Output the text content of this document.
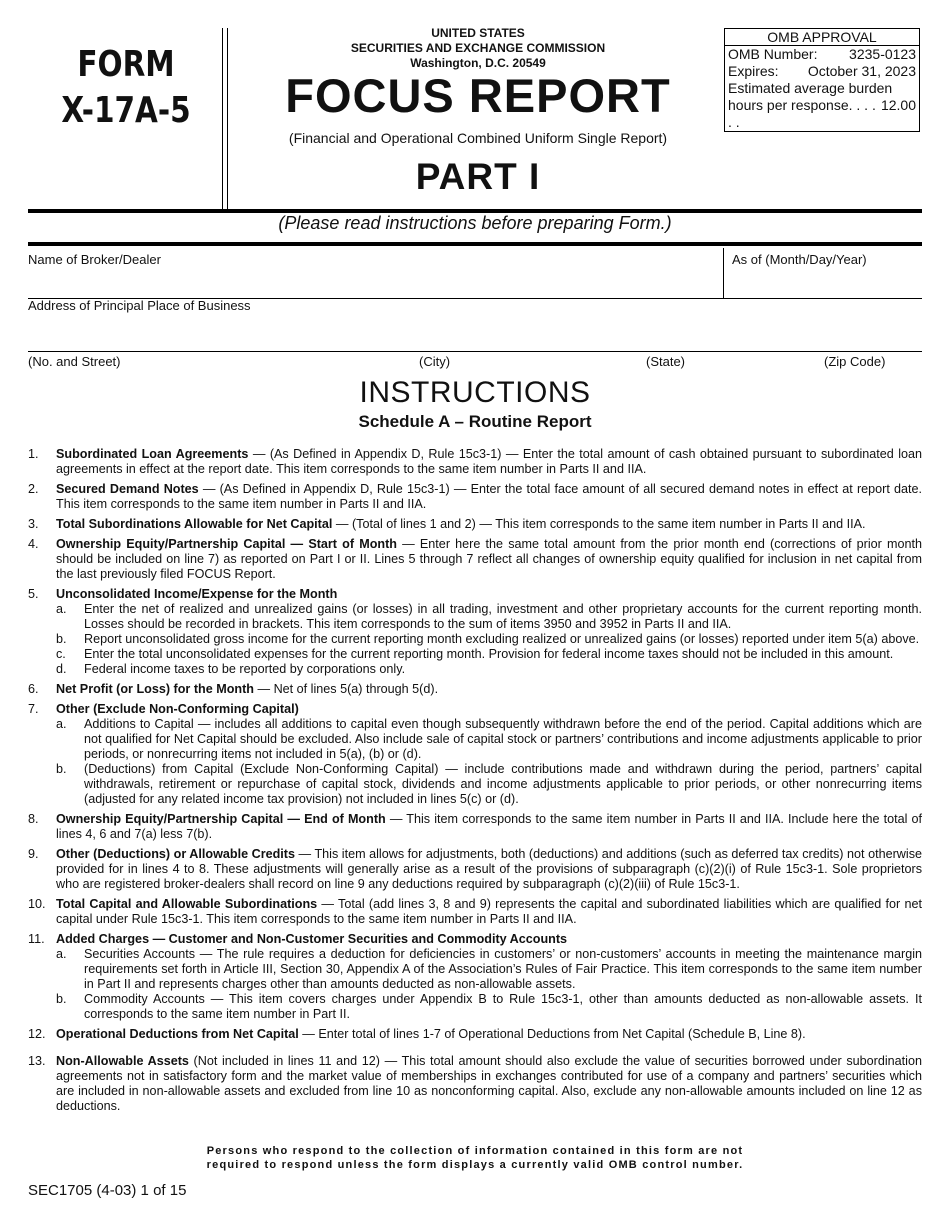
FORM
X-17A-5
UNITED STATES
SECURITIES AND EXCHANGE COMMISSION
Washington, D.C. 20549
FOCUS REPORT
(Financial and Operational Combined Uniform Single Report)
PART I
OMB APPROVAL
OMB Number: 3235-0123
Expires: October 31, 2023
Estimated average burden
hours per response. . . . . .
12.00
(Please read instructions before preparing Form.)
Name of Broker/Dealer	As of (Month/Day/Year)
Address of Principal Place of Business
(No. and Street)	(City)	(State)	(Zip Code)
INSTRUCTIONS
Schedule A – Routine Report
1.	Subordinated Loan Agreements — (As Defined in Appendix D, Rule 15c3-1) — Enter the total amount of cash obtained pursuant to subordinated loan agreements in effect at the report date. This item corresponds to the same item number in Parts II and IIA.
2.	Secured Demand Notes — (As Defined in Appendix D, Rule 15c3-1) — Enter the total face amount of all secured demand notes in effect at report date. This item corresponds to the same item number in Parts II and IIA.
3.	Total Subordinations Allowable for Net Capital — (Total of lines 1 and 2) — This item corresponds to the same item number in Parts II and IIA.
4.	Ownership Equity/Partnership Capital — Start of Month — Enter here the same total amount from the prior month end (corrections of prior month should be included on line 7) as reported on Part I or II. Lines 5 through 7 reflect all changes of ownership equity qualified for inclusion in net capital from the last previously filed FOCUS Report.
5.	Unconsolidated Income/Expense for the Month
a.	Enter the net of realized and unrealized gains (or losses) in all trading, investment and other proprietary accounts for the current reporting month. Losses should be recorded in brackets. This item corresponds to the sum of items 3950 and 3952 in Parts II and IIA.
b.	Report unconsolidated gross income for the current reporting month excluding realized or unrealized gains (or losses) reported under item 5(a) above.
c.	Enter the total unconsolidated expenses for the current reporting month. Provision for federal income taxes should not be included in this amount.
d.	Federal income taxes to be reported by corporations only.
6.	Net Profit (or Loss) for the Month — Net of lines 5(a) through 5(d).
7.	Other (Exclude Non-Conforming Capital)
a.	Additions to Capital — includes all additions to capital even though subsequently withdrawn before the end of the period. Capital additions which are not qualified for Net Capital should be excluded. Also include sale of capital stock or partners’ contributions and income adjustments applicable to prior periods, or nonrecurring items not included in 5(a), (b) or (d).
b.	(Deductions) from Capital (Exclude Non-Conforming Capital) — include contributions made and withdrawn during the period, partners’ capital withdrawals, retirement or repurchase of capital stock, dividends and income adjustments applicable to prior periods, or other nonrecurring items (adjusted for any related income tax provision) not included in lines 5(c) or (d).
8.	Ownership Equity/Partnership Capital — End of Month — This item corresponds to the same item number in Parts II and IIA. Include here the total of lines 4, 6 and 7(a) less 7(b).
9.	Other (Deductions) or Allowable Credits — This item allows for adjustments, both (deductions) and additions (such as deferred tax credits) not otherwise provided for in lines 4 to 8. These adjustments will generally arise as a result of the provisions of subparagraph (c)(2)(i) of Rule 15c3-1. Sole proprietors who are registered broker-dealers shall record on line 9 any deductions required by subparagraph (c)(2)(iii) of Rule 15c3-1.
10. Total Capital and Allowable Subordinations — Total (add lines 3, 8 and 9) represents the capital and subordinated liabilities which are qualified for net capital under Rule 15c3-1. This item corresponds to the same item number in Parts II and IIA.
11. Added Charges — Customer and Non-Customer Securities and Commodity Accounts
a.	Securities Accounts — The rule requires a deduction for deficiencies in customers’ or non-customers’ accounts in meeting the maintenance margin requirements set forth in Article III, Section 30, Appendix A of the Association’s Rules of Fair Practice. This item corresponds to the same item number in Part II and represents charges other than amounts deducted as non-allowable assets.
b.	Commodity Accounts — This item covers charges under Appendix B to Rule 15c3-1, other than amounts deducted as non-allowable assets. It corresponds to the same item number in Part II.
12. Operational Deductions from Net Capital — Enter total of lines 1-7 of Operational Deductions from Net Capital (Schedule B, Line 8).
13. Non-Allowable Assets (Not included in lines 11 and 12) — This total amount should also exclude the value of securities borrowed under subordination agreements not in satisfactory form and the market value of memberships in exchanges contributed for use of a company and partners’ securities which are included in non-allowable assets and excluded from line 10 as nonconforming capital. Also, exclude any non-allowable amounts included on line 12 as deductions.
Persons who respond to the collection of information contained in this form are not
required to respond unless the form displays a currently valid OMB control number.
SEC1705 (4-03) 1 of 15
